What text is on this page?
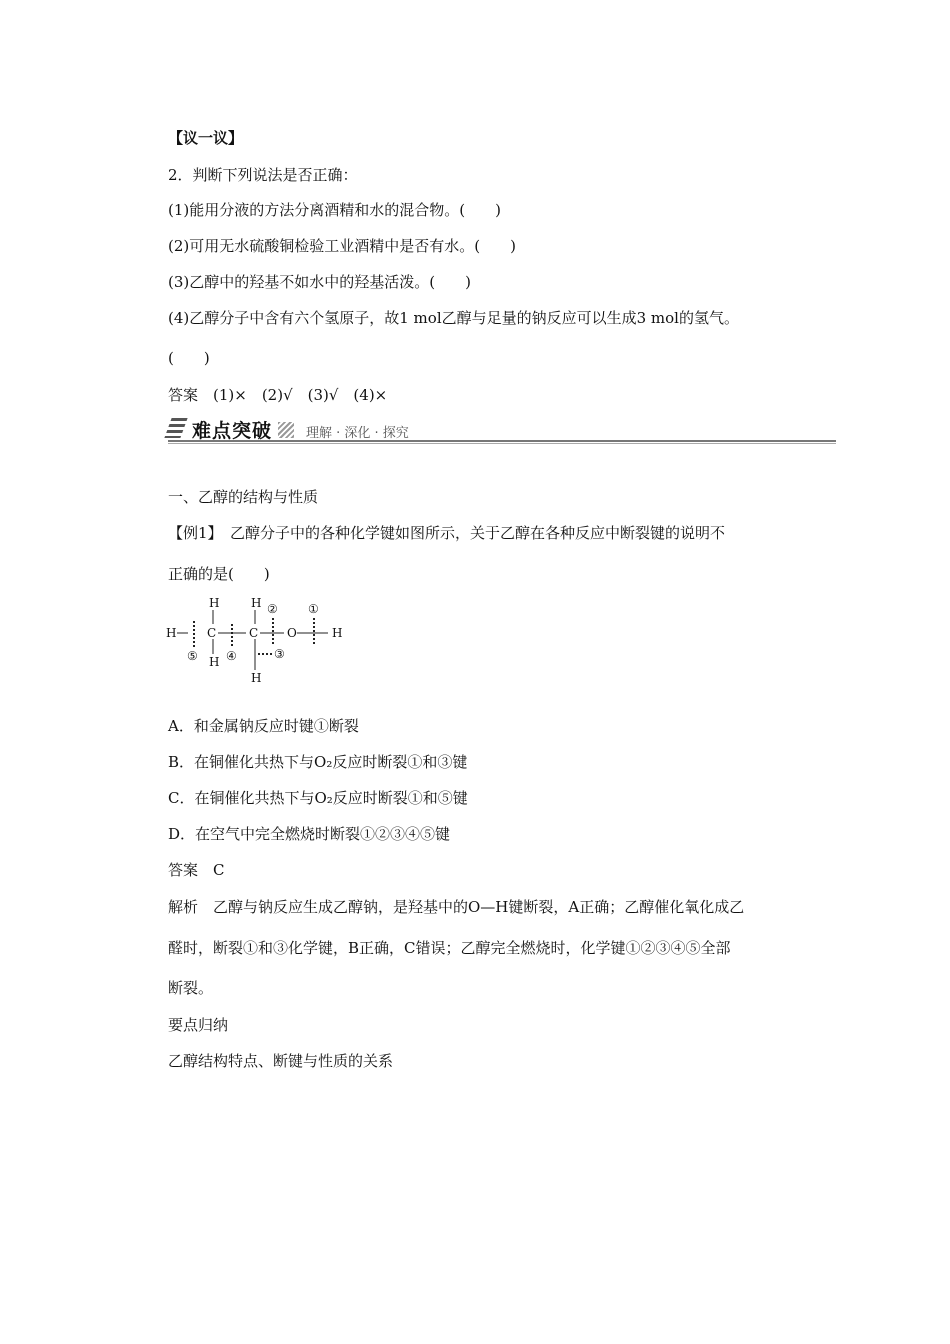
【议一议】
2．判断下列说法是否正确：
(1)能用分液的方法分离酒精和水的混合物。(　　)
(2)可用无水硫酸铜检验工业酒精中是否有水。(　　)
(3)乙醇中的羟基不如水中的羟基活泼。(　　)
(4)乙醇分子中含有六个氢原子，故1 mol乙醇与足量的钠反应可以生成3 mol的氢气。
(　　)
答案　(1)×　(2)√　(3)√　(4)×
难点突破	理解 · 深化 · 探究
一、乙醇的结构与性质
【例1】　乙醇分子中的各种化学键如图所示，关于乙醇在各种反应中断裂键的说明不
正确的是(　　)
H	C	C O	H
H
H
H
H
①
②
③
④
⑤
A．和金属钠反应时键①断裂
B．在铜催化共热下与O₂反应时断裂①和③键
C．在铜催化共热下与O₂反应时断裂①和⑤键
D．在空气中完全燃烧时断裂①②③④⑤键
答案　C
解析　乙醇与钠反应生成乙醇钠，是羟基中的O—H键断裂，A正确；乙醇催化氧化成乙
醛时，断裂①和③化学键，B正确，C错误；乙醇完全燃烧时，化学键①②③④⑤全部
断裂。
要点归纳
乙醇结构特点、断键与性质的关系
